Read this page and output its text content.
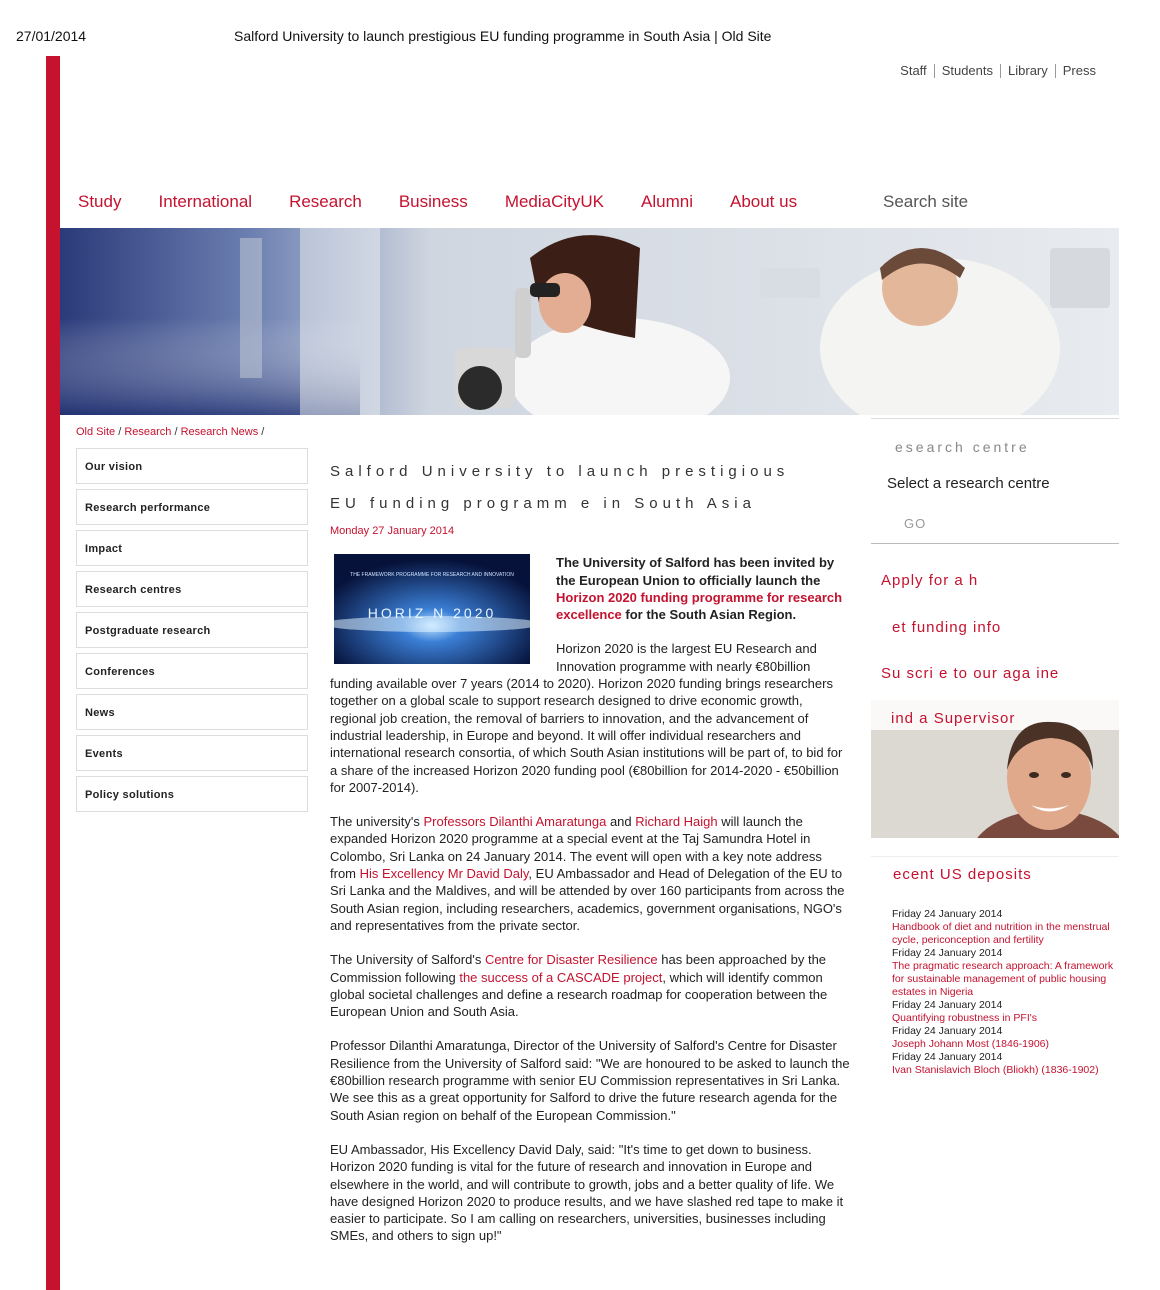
27/01/2014	Salford University to launch prestigious EU funding programme in South Asia | Old Site
Staff	Students	Library	Press
Study International Research Business MediaCityUK Alumni About us	Search site
Old Site / Research / Research News /
Our vision
Research performance
Impact
Research centres
Postgraduate research
Conferences
News
Events
Policy solutions
Salford University to launch prestigious
EU funding programm e in South Asia
Monday 27 January 2014
THE FRAMEWORK PROGRAMME FOR RESEARCH AND INNOVATION
HORIZ N 2020

The University of Salford has been invited by the European Union to officially launch the Horizon 2020 funding programme for research excellence for the South Asian Region.

Horizon 2020 is the largest EU Research and Innovation programme with nearly €80billion funding available over 7 years (2014 to 2020). Horizon 2020 funding brings researchers together on a global scale to support research designed to drive economic growth, regional job creation, the removal of barriers to innovation, and the advancement of industrial leadership, in Europe and beyond. It will offer individual researchers and international research consortia, of which South Asian institutions will be part of, to bid for a share of the increased Horizon 2020 funding pool (€80billion for 2014-2020 - €50billion for 2007-2014).

The university's Professors Dilanthi Amaratunga and Richard Haigh will launch the expanded Horizon 2020 programme at a special event at the Taj Samundra Hotel in Colombo, Sri Lanka on 24 January 2014. The event will open with a key note address from His Excellency Mr David Daly, EU Ambassador and Head of Delegation of the EU to Sri Lanka and the Maldives, and will be attended by over 160 participants from across the South Asian region, including researchers, academics, government organisations, NGO's and representatives from the private sector.

The University of Salford's Centre for Disaster Resilience has been approached by the Commission following the success of a CASCADE project, which will identify common global societal challenges and define a research roadmap for cooperation between the European Union and South Asia.

Professor Dilanthi Amaratunga, Director of the University of Salford's Centre for Disaster Resilience from the University of Salford said: "We are honoured to be asked to launch the €80billion research programme with senior EU Commission representatives in Sri Lanka. We see this as a great opportunity for Salford to drive the future research agenda for the South Asian region on behalf of the European Commission."

EU Ambassador, His Excellency David Daly, said: "It's time to get down to business. Horizon 2020 funding is vital for the future of research and innovation in Europe and elsewhere in the world, and will contribute to growth, jobs and a better quality of life. We have designed Horizon 2020 to produce results, and we have slashed red tape to make it easier to participate. So I am calling on researchers, universities, businesses including SMEs, and others to sign up!"

esearch centre
Select a research centre
GO
Apply for a h
et funding info
Su scri e to our aga ine
ind a Supervisor
ecent US deposits
Friday 24 January 2014
Handbook of diet and nutrition in the menstrual cycle, periconception and fertility
Friday 24 January 2014
The pragmatic research approach: A framework for sustainable management of public housing estates in Nigeria
Friday 24 January 2014
Quantifying robustness in PFI's
Friday 24 January 2014
Joseph Johann Most (1846-1906)
Friday 24 January 2014
Ivan Stanislavich Bloch (Bliokh) (1836-1902)
